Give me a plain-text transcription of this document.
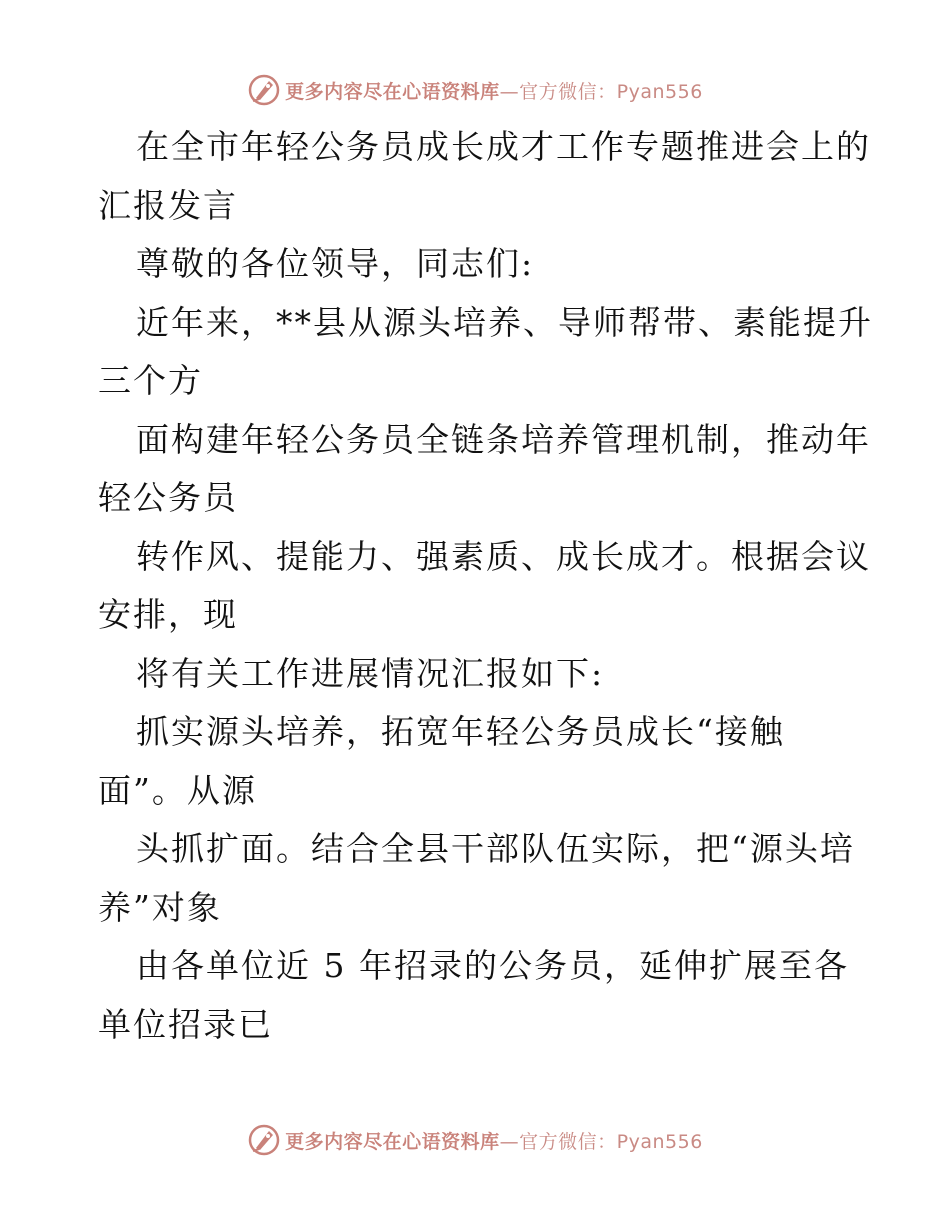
更多内容尽在心语资料库—官方微信：Pyan556
在全市年轻公务员成长成才工作专题推进会上的
汇报发言
尊敬的各位领导，同志们:
近年来，**县从源头培养、导师帮带、素能提升
三个方
面构建年轻公务员全链条培养管理机制，推动年
轻公务员
转作风、提能力、强素质、成长成才。根据会议
安排，现
将有关工作进展情况汇报如下:
抓实源头培养，拓宽年轻公务员成长“接触
面”。从源
头抓扩面。结合全县干部队伍实际，把“源头培
养”对象
由各单位近 5 年招录的公务员，延伸扩展至各
单位招录已
更多内容尽在心语资料库—官方微信：Pyan556
